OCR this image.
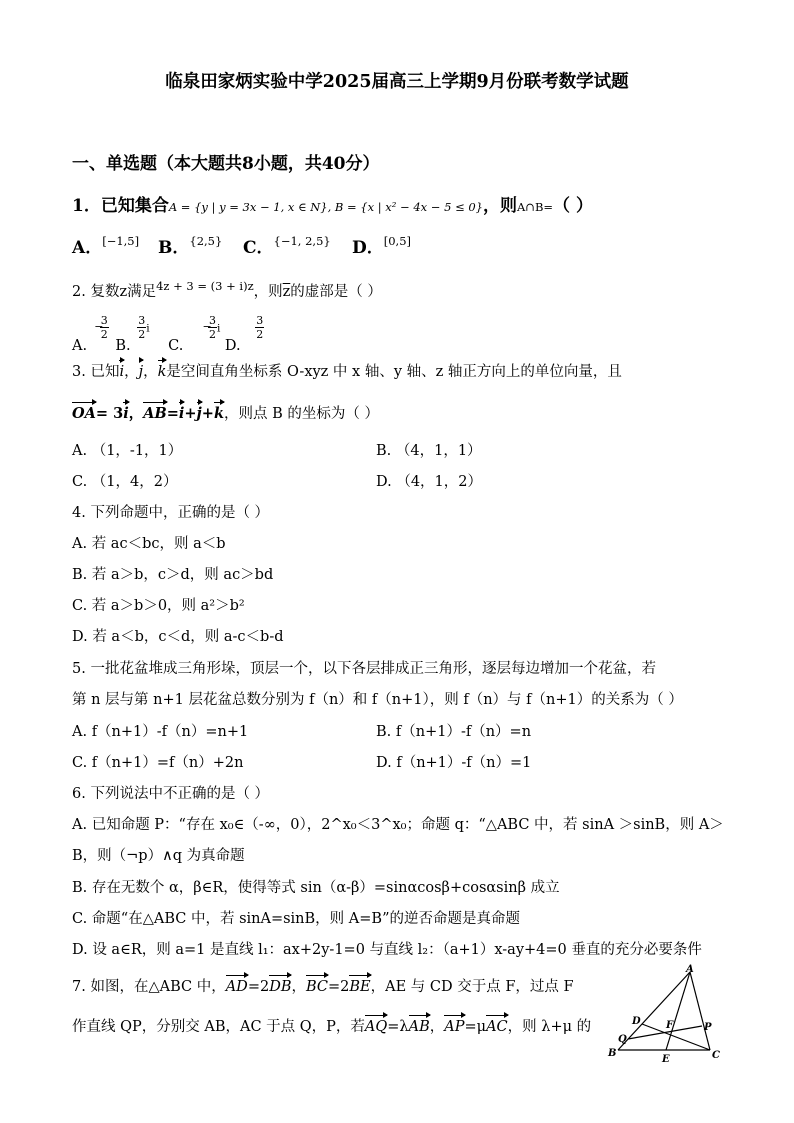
临泉田家炳实验中学2025届高三上学期9月份联考数学试题
一、单选题（本大题共8小题，共40分）
1．已知集合A = {y | y = 3x − 1, x ∈ N}, B = {x | x² − 4x − 5 ≤ 0}，则A∩B=（ ）
A．[−1,5] B．$^{\{2,5\}}$ C．$^{\{-1, 2,5\}}$ D．[0,5]
2. 复数z满足$^{4z + 3 = (3 + i)z}$，则$\overline{z}$的虚部是（ ）
A.
−
3
2
B.
$\frac{3}{2}$ i C.
−
3
2 i D.
$\frac{3}{2}$
3. 已知i，j，k是空间直角坐标系 O-xyz 中 x 轴、y 轴、z 轴正方向上的单位向量，且
OA= 3i，AB=i+j+k，则点 B 的坐标为（ ）
A. （1，-1，1）	B. （4，1，1）
C. （1，4，2）	D. （4，1，2）
4. 下列命题中，正确的是（ ）
A. 若 ac＜bc，则 a＜b
B. 若 a＞b，c＞d，则 ac＞bd
C. 若 a＞b＞0，则 a²＞b²
D. 若 a＜b，c＜d，则 a-c＜b-d
5. 一批花盆堆成三角形垛，顶层一个，以下各层排成正三角形，逐层每边增加一个花盆，若
第 n 层与第 n+1 层花盆总数分别为 f（n）和 f（n+1），则 f（n）与 f（n+1）的关系为（ ）
A. f（n+1）-f（n）=n+1	B. f（n+1）-f（n）=n
C. f（n+1）=f（n）+2n	D. f（n+1）-f（n）=1
6. 下列说法中不正确的是（ ）
A. 已知命题 P：“存在 x₀∈（-∞，0），2^x₀＜3^x₀；命题 q：“△ABC 中，若 sinA ＞sinB，则 A＞
B，则（¬p）∧q 为真命题
B. 存在无数个 α，β∈R，使得等式 sin（α-β）=sinαcosβ+cosαsinβ 成立
C. 命题“在△ABC 中，若 sinA=sinB，则 A=B”的逆否命题是真命题
D. 设 a∈R，则 a=1 是直线 l₁：ax+2y-1=0 与直线 l₂：（a+1）x-ay+4=0 垂直的充分必要条件
7. 如图，在△ABC 中，AD=2DB，BC=2BE，AE 与 CD 交于点 F，过点 F
作直线 QP，分别交 AB，AC 于点 Q，P，若AQ=λAB，AP=μAC，则 λ+μ 的
A
B	C
D
E
F	P
Q
